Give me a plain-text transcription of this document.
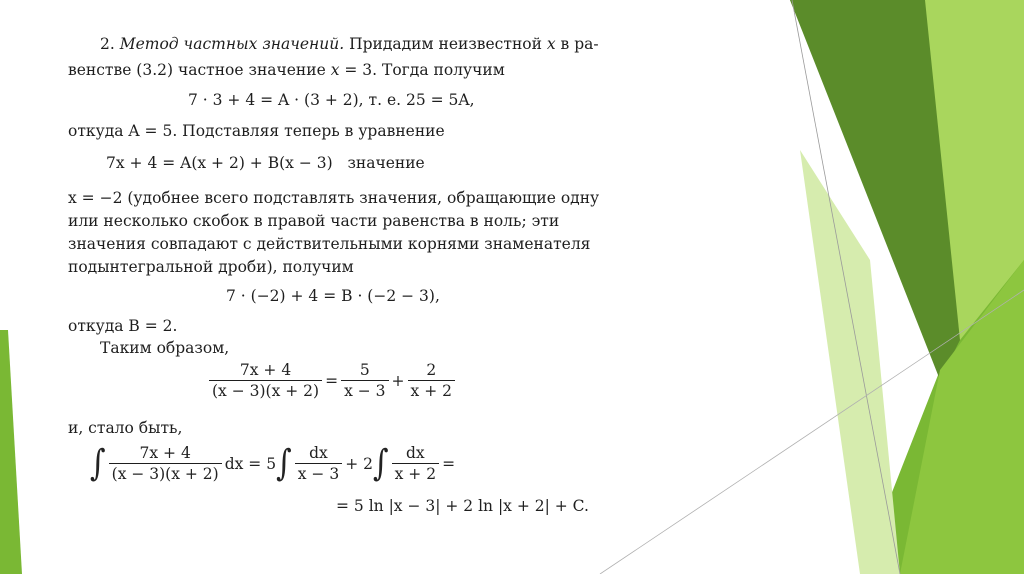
2. Метод частных значений. Придадим неизвестной x в ра-
венстве (3.2) частное значение x = 3. Тогда получим
7 · 3 + 4 = A · (3 + 2), т. е. 25 = 5A,
откуда A = 5. Подставляя теперь в уравнение
7x + 4 = A(x + 2) + B(x − 3) значение
x = −2 (удобнее всего подставлять значения, обращающие одну
или несколько скобок в правой части равенства в ноль; эти
значения совпадают с действительными корнями знаменателя
подынтегральной дроби), получим
7 · (−2) + 4 = B · (−2 − 3),
откуда B = 2.
Таким образом,
$\frac{7x + 4}{(x - 3)(x + 2)} = \frac{5}{x - 3} + \frac{2}{x + 2}$
и, стало быть,
∫ $\frac{7x + 4}{(x - 3)(x + 2)}$ dx = 5 ∫ $\frac{dx}{x - 3} + 2$ ∫ $\frac{dx}{x + 2}$ =
= 5 ln |x − 3| + 2 ln |x + 2| + C.
